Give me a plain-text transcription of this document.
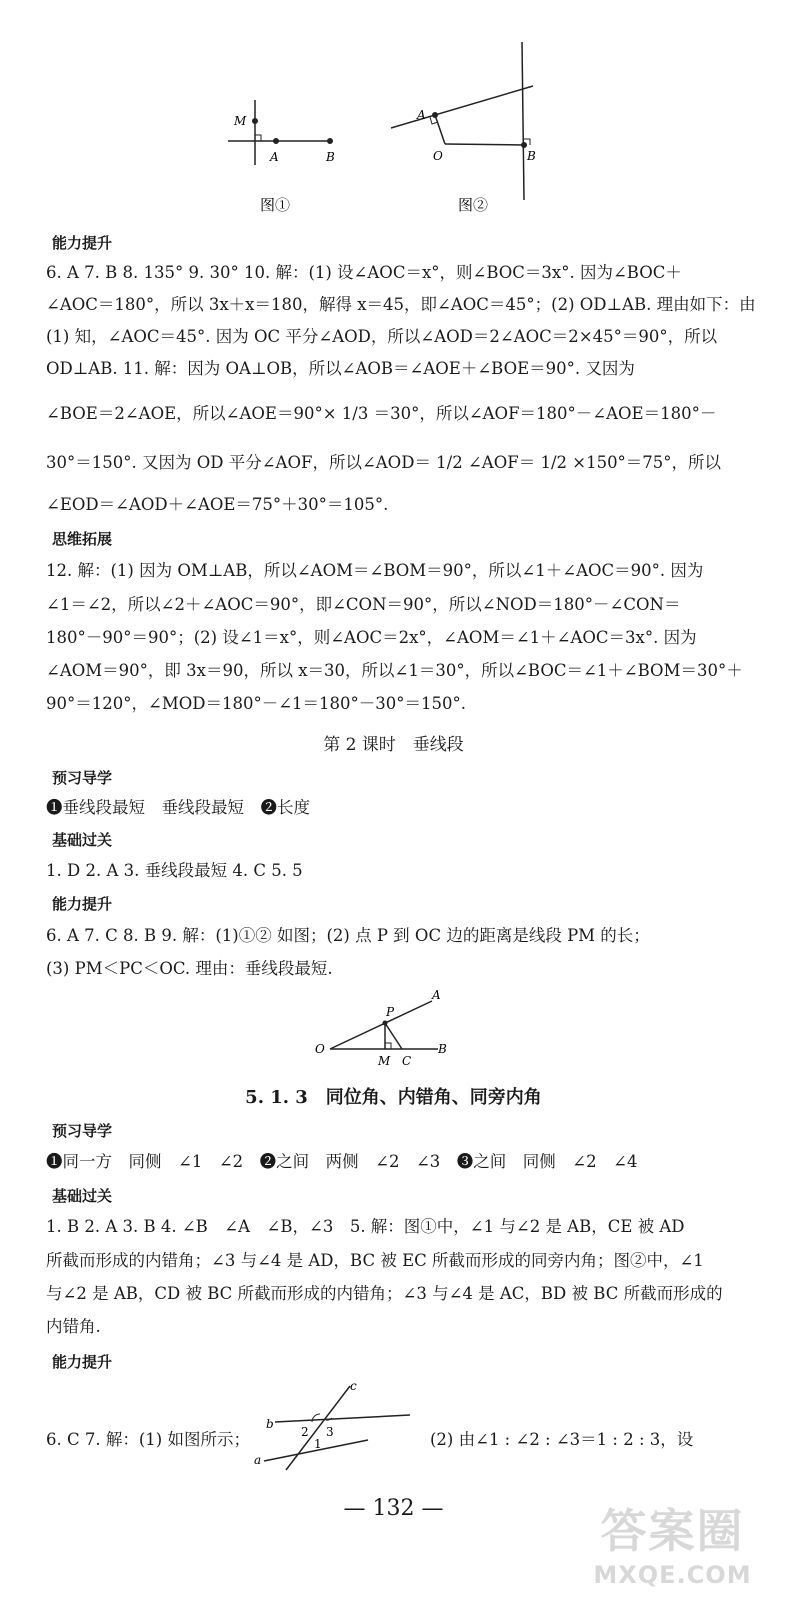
M
A	B
图①
A
O	B
图②
能力提升
6. A 7. B 8. 135° 9. 30° 10. 解：(1) 设∠AOC＝x°，则∠BOC＝3x°. 因为∠BOC＋
∠AOC＝180°，所以 3x＋x＝180，解得 x＝45，即∠AOC＝45°；(2) OD⊥AB. 理由如下：由
(1) 知，∠AOC＝45°. 因为 OC 平分∠AOD，所以∠AOD＝2∠AOC＝2×45°＝90°，所以
OD⊥AB. 11. 解：因为 OA⊥OB，所以∠AOB＝∠AOE＋∠BOE＝90°. 又因为
∠BOE＝2∠AOE，所以∠AOE＝90°× 1/3 ＝30°，所以∠AOF＝180°－∠AOE＝180°－
30°＝150°. 又因为 OD 平分∠AOF，所以∠AOD＝ 1/2 ∠AOF＝ 1/2 ×150°＝75°，所以
∠EOD＝∠AOD＋∠AOE＝75°＋30°＝105°.
思维拓展
12. 解：(1) 因为 OM⊥AB，所以∠AOM＝∠BOM＝90°，所以∠1＋∠AOC＝90°. 因为
∠1＝∠2，所以∠2＋∠AOC＝90°，即∠CON＝90°，所以∠NOD＝180°－∠CON＝
180°－90°＝90°；(2) 设∠1＝x°，则∠AOC＝2x°，∠AOM＝∠1＋∠AOC＝3x°. 因为
∠AOM＝90°，即 3x＝90，所以 x＝30，所以∠1＝30°，所以∠BOC＝∠1＋∠BOM＝30°＋
90°＝120°，∠MOD＝180°－∠1＝180°－30°＝150°.
第 2 课时　垂线段
预习导学
❶垂线段最短　垂线段最短　❷长度
基础过关
1. D 2. A 3. 垂线段最短 4. C 5. 5
能力提升
6. A 7. C 8. B 9. 解：(1)①② 如图；(2) 点 P 到 OC 边的距离是线段 PM 的长；
(3) PM＜PC＜OC. 理由：垂线段最短.
O
A
P
M C
B
5. 1. 3　同位角、内错角、同旁内角
预习导学
❶同一方　同侧　∠1　∠2　❷之间　两侧　∠2　∠3　❸之间　同侧　∠2　∠4
基础过关
1. B 2. A 3. B 4. ∠B　∠A　∠B，∠3　5. 解：图①中，∠1 与∠2 是 AB，CE 被 AD
所截而形成的内错角；∠3 与∠4 是 AD，BC 被 EC 所截而形成的同旁内角；图②中，∠1
与∠2 是 AB，CD 被 BC 所截而形成的内错角；∠3 与∠4 是 AC，BD 被 BC 所截而形成的
内错角.
能力提升
6. C 7. 解：(1) 如图所示；	(2) 由∠1 : ∠2 : ∠3＝1 : 2 : 3，设
b
a
c
2 3
1
— 132 —	答案圈
MXQE.COM
